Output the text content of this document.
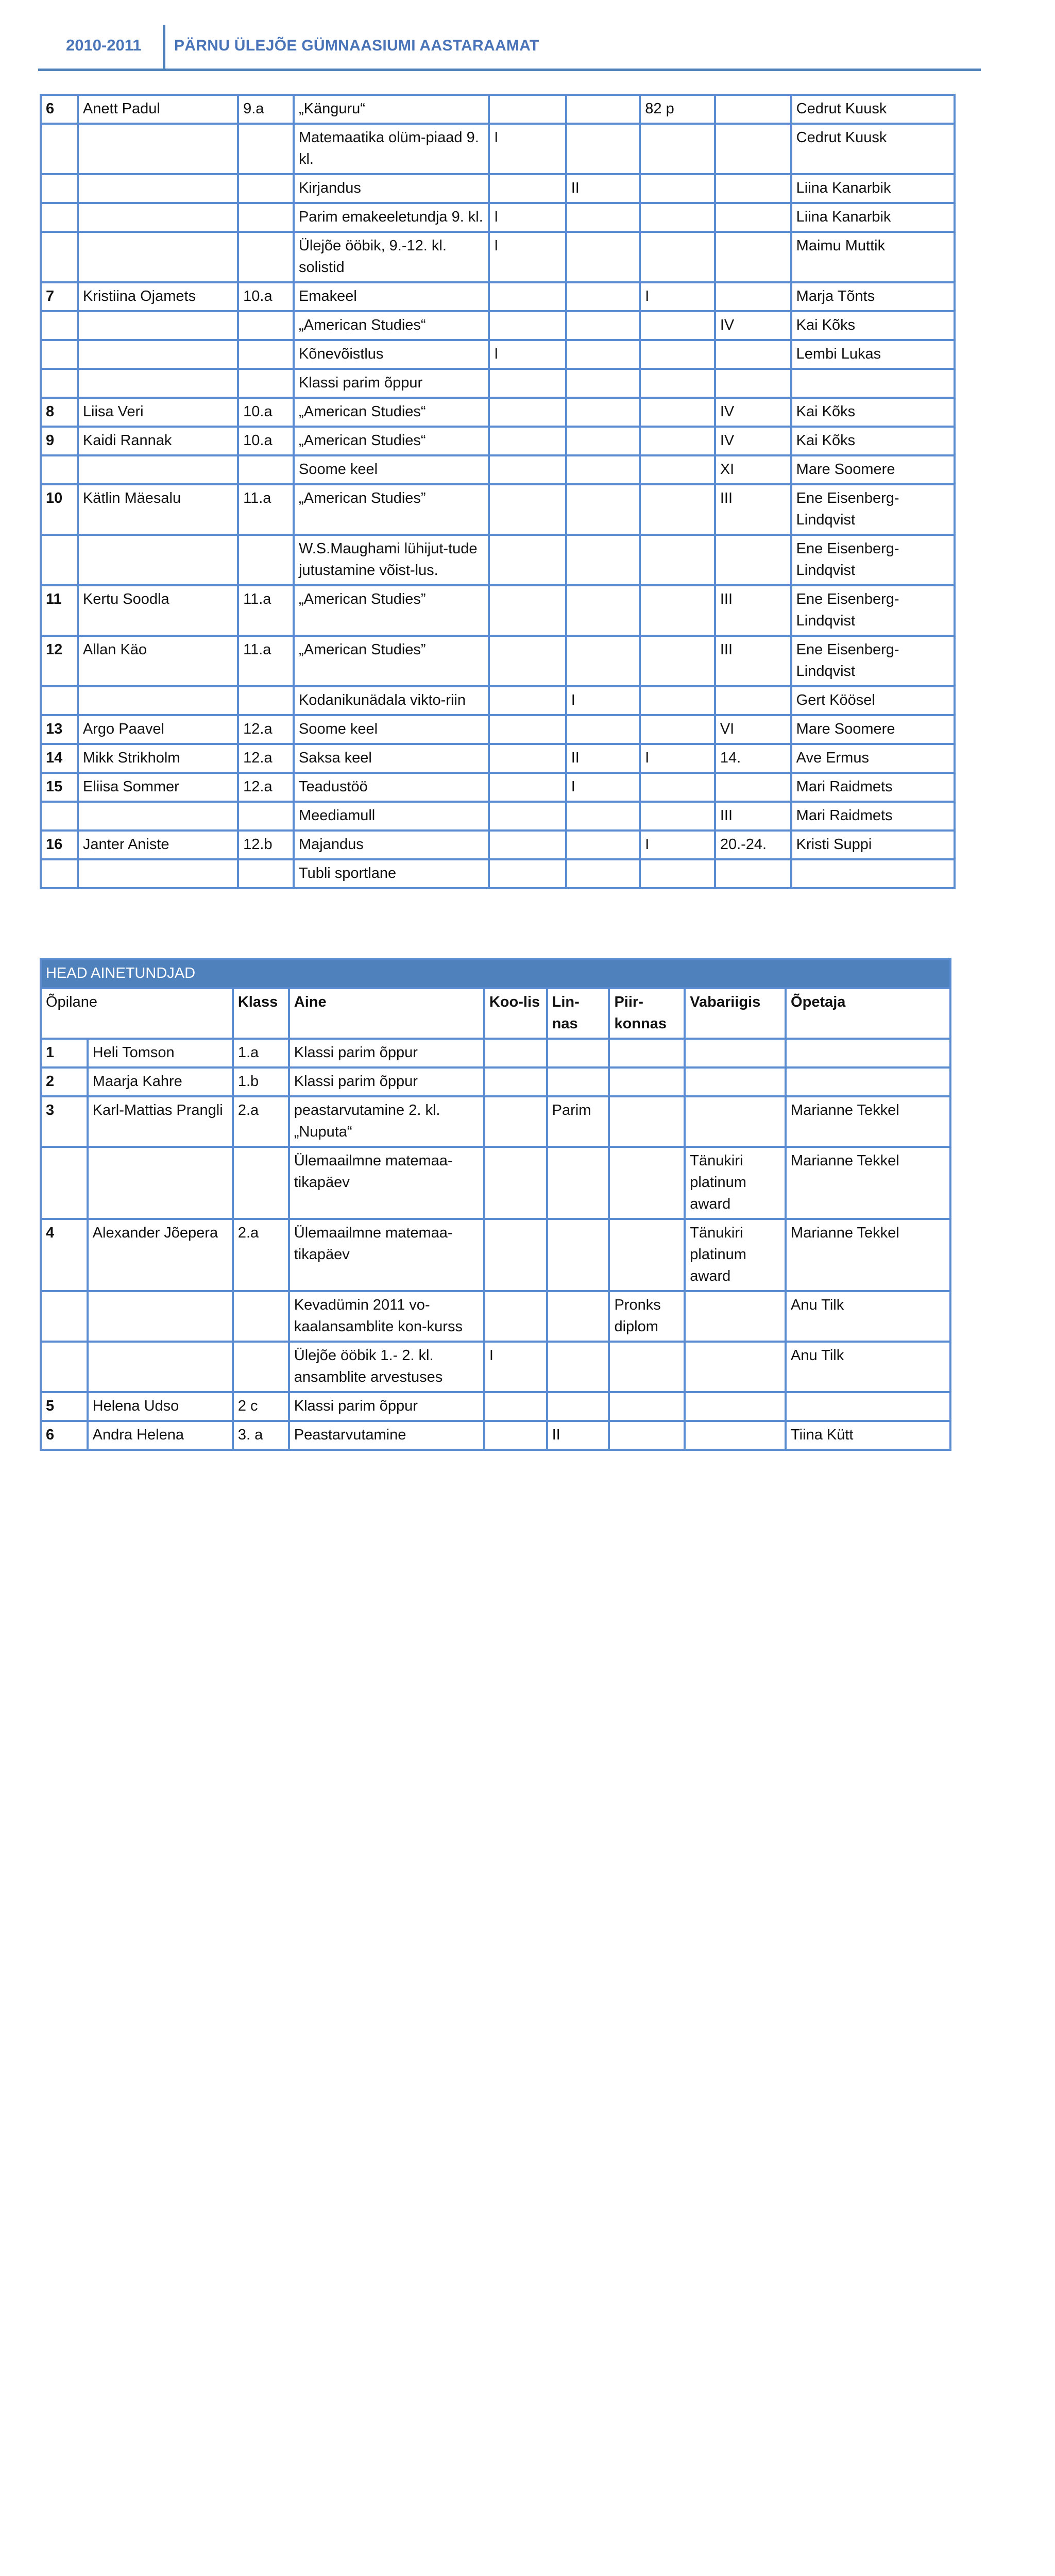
2010-2011 PÄRNU ÜLEJÕE GÜMNAASIUMI AASTARAAMAT
6	Anett Padul	9.a	„Känguru“			82 p		Cedrut Kuusk
			Matemaatika olüm-piaad 9. kl.	I				Cedrut Kuusk
			Kirjandus		II			Liina Kanarbik
			Parim emakeeletundja 9. kl.	I				Liina Kanarbik
			Ülejõe ööbik, 9.-12. kl. solistid	I				Maimu Muttik
7	Kristiina Ojamets	10.a	Emakeel			I		Marja Tõnts
			„American Studies“				IV	Kai Kõks
			Kõnevõistlus	I				Lembi Lukas
			Klassi parim õppur					
8	Liisa Veri	10.a	„American Studies“				IV	Kai Kõks
9	Kaidi Rannak	10.a	„American Studies“				IV	Kai Kõks
			Soome keel				XI	Mare Soomere
10	Kätlin Mäesalu	11.a	„American Studies”				III	Ene Eisenberg-Lindqvist
			W.S.Maughami lühijut-tude jutustamine võist-lus.					Ene Eisenberg-Lindqvist
11	Kertu Soodla	11.a	„American Studies”				III	Ene Eisenberg-Lindqvist
12	Allan Käo	11.a	„American Studies”				III	Ene Eisenberg-Lindqvist
			Kodanikunädala vikto-riin		I			Gert Köösel
13	Argo Paavel	12.a	Soome keel				VI	Mare Soomere
14	Mikk Strikholm	12.a	Saksa keel		II	I	14.	Ave Ermus
15	Eliisa Sommer	12.a	Teadustöö		I			Mari Raidmets
			Meediamull				III	Mari Raidmets
16	Janter Aniste	12.b	Majandus			I	20.-24.	Kristi Suppi
			Tubli sportlane					
HEAD AINETUNDJAD								
Õpilane		Klass	Aine	Koo-lis	Lin-nas	Piir-konnas	Vabariigis	Õpetaja
1	Heli Tomson	1.a	Klassi parim õppur					
2	Maarja Kahre	1.b	Klassi parim õppur					
3	Karl-Mattias Prangli	2.a	peastarvutamine 2. kl. „Nuputa“		Parim			Marianne Tekkel
			Ülemaailmne matemaa-tikapäev				Tänukiri platinum award	Marianne Tekkel
4	Alexander Jõepera	2.a	Ülemaailmne matemaa-tikapäev				Tänukiri platinum award	Marianne Tekkel
			Kevadümin 2011 vo-kaalansamblite kon-kurss			Pronks diplom		Anu Tilk
			Ülejõe ööbik 1.- 2. kl. ansamblite arvestuses	I				Anu Tilk
5	Helena Udso	2 c	Klassi parim õppur					
6	Andra Helena	3. a	Peastarvutamine		II			Tiina Kütt
